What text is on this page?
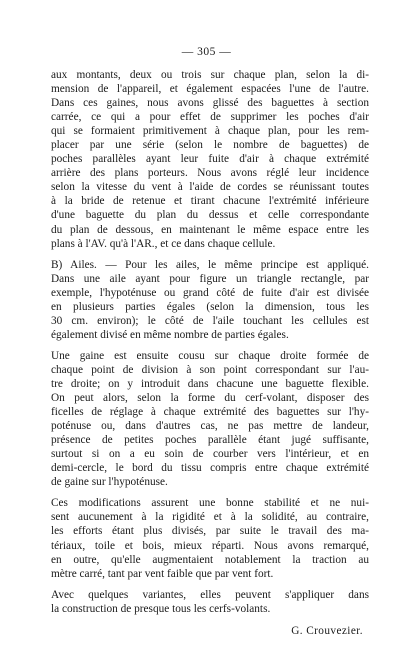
— 305 —
aux montants, deux ou trois sur chaque plan, selon la di-
mension de l'appareil, et également espacées l'une de l'autre.
Dans ces gaines, nous avons glissé des baguettes à section
carrée, ce qui a pour effet de supprimer les poches d'air
qui se formaient primitivement à chaque plan, pour les rem-
placer par une série (selon le nombre de baguettes) de
poches parallèles ayant leur fuite d'air à chaque extrémité
arrière des plans porteurs. Nous avons réglé leur incidence
selon la vitesse du vent à l'aide de cordes se réunissant toutes
à la bride de retenue et tirant chacune l'extrémité inférieure
d'une baguette du plan du dessus et celle correspondante
du plan de dessous, en maintenant le même espace entre les
plans à l'AV. qu'à l'AR., et ce dans chaque cellule.
B) Ailes. — Pour les ailes, le même principe est appliqué.
Dans une aile ayant pour figure un triangle rectangle, par
exemple, l'hypoténuse ou grand côté de fuite d'air est divisée
en plusieurs parties égales (selon la dimension, tous les
30 cm. environ); le côté de l'aile touchant les cellules est
également divisé en même nombre de parties égales.
Une gaine est ensuite cousu sur chaque droite formée de
chaque point de division à son point correspondant sur l'au-
tre droite; on y introduit dans chacune une baguette flexible.
On peut alors, selon la forme du cerf-volant, disposer des
ficelles de réglage à chaque extrémité des baguettes sur l'hy-
poténuse ou, dans d'autres cas, ne pas mettre de landeur,
présence de petites poches parallèle étant jugé suffisante,
surtout si on a eu soin de courber vers l'intérieur, et en
demi-cercle, le bord du tissu compris entre chaque extrémité
de gaine sur l'hypoténuse.
Ces modifications assurent une bonne stabilité et ne nui-
sent aucunement à la rigidité et à la solidité, au contraire,
les efforts étant plus divisés, par suite le travail des ma-
tériaux, toile et bois, mieux réparti. Nous avons remarqué,
en outre, qu'elle augmentaient notablement la traction au
mètre carré, tant par vent faible que par vent fort.
Avec quelques variantes, elles peuvent s'appliquer dans
la construction de presque tous les cerfs-volants.
G. Crouvezier.
